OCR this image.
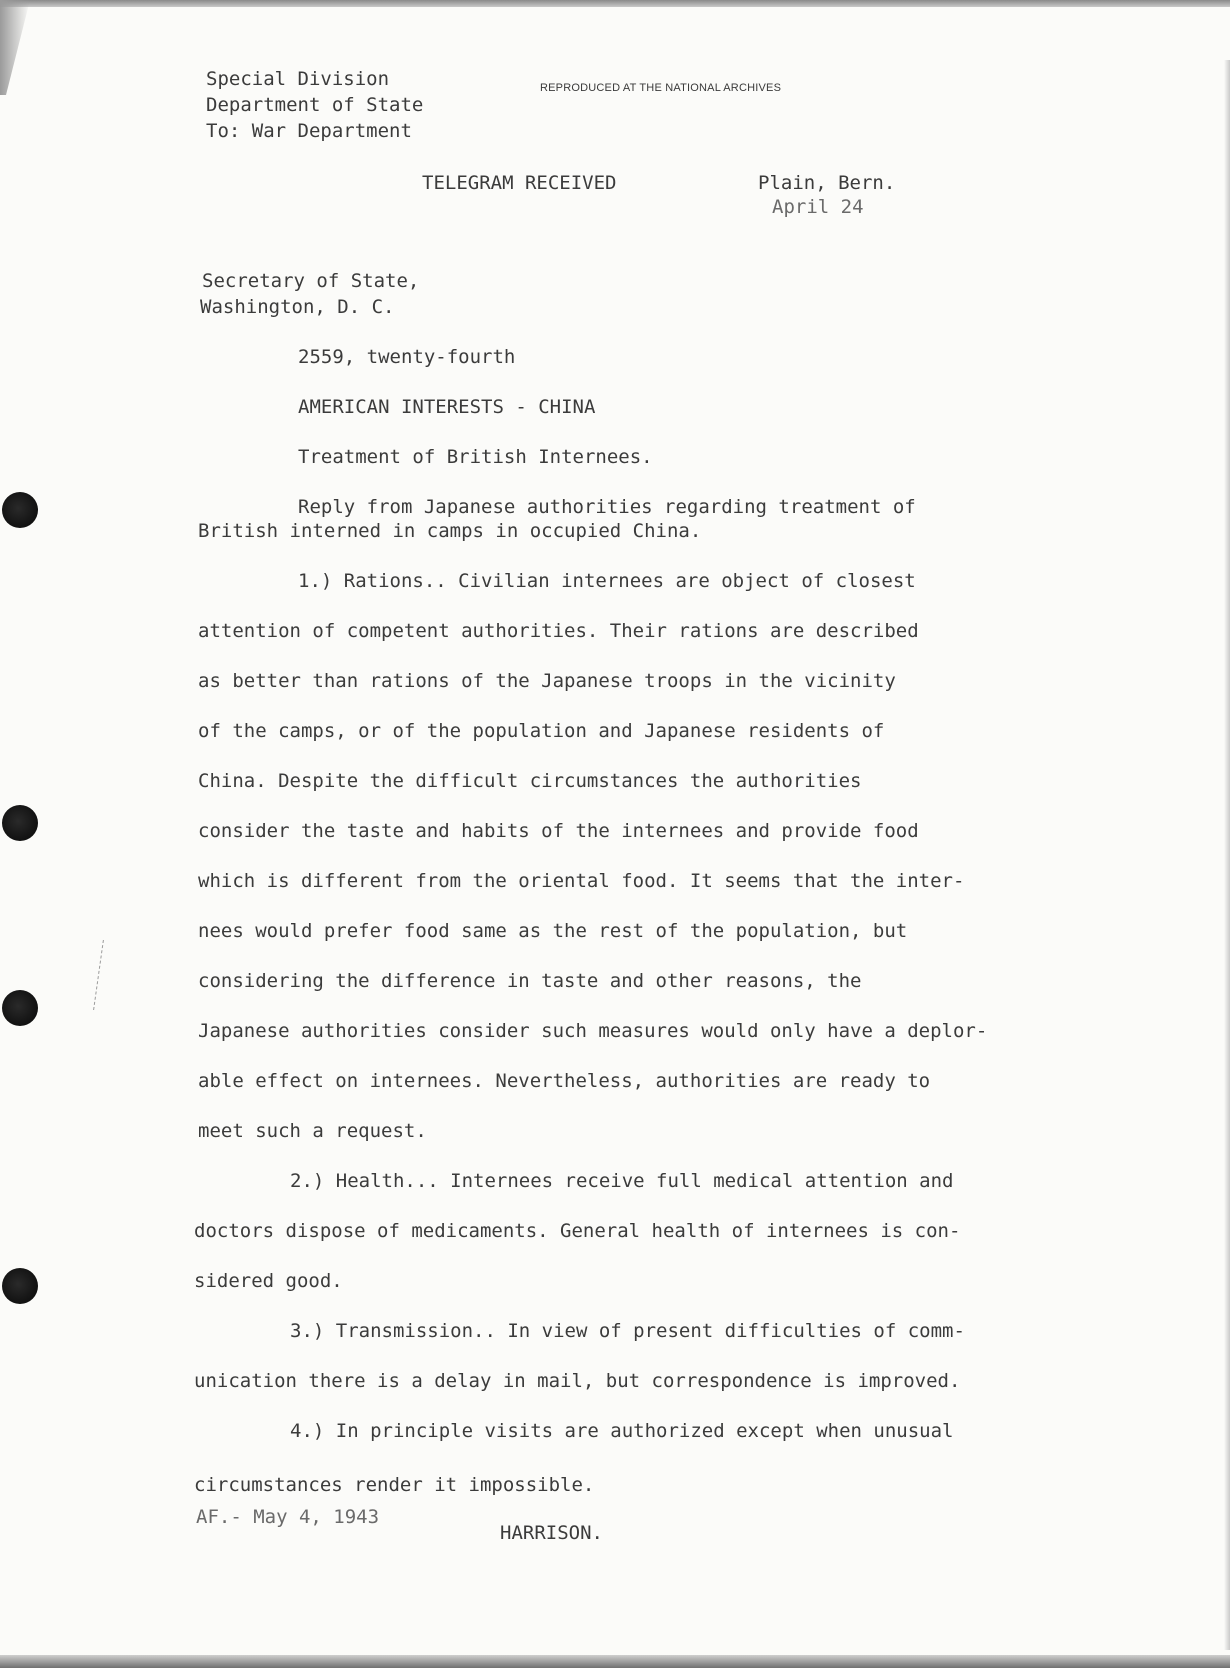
Special Division
Department of State
To: War Department
REPRODUCED AT THE NATIONAL ARCHIVES
TELEGRAM RECEIVED	Plain, Bern.
April 24
Secretary of State,
Washington, D. C.
2559, twenty-fourth
AMERICAN INTERESTS - CHINA
Treatment of British Internees.
Reply from Japanese authorities regarding treatment of
British interned in camps in occupied China.
1.) Rations.. Civilian internees are object of closest
attention of competent authorities. Their rations are described
as better than rations of the Japanese troops in the vicinity
of the camps, or of the population and Japanese residents of
China. Despite the difficult circumstances the authorities
consider the taste and habits of the internees and provide food
which is different from the oriental food. It seems that the inter-
nees would prefer food same as the rest of the population, but
considering the difference in taste and other reasons, the
Japanese authorities consider such measures would only have a deplor-
able effect on internees. Nevertheless, authorities are ready to
meet such a request.
2.) Health... Internees receive full medical attention and
doctors dispose of medicaments. General health of internees is con-
sidered good.
3.) Transmission.. In view of present difficulties of comm-
unication there is a delay in mail, but correspondence is improved.
4.) In principle visits are authorized except when unusual
circumstances render it impossible.
AF.- May 4, 1943
HARRISON.
